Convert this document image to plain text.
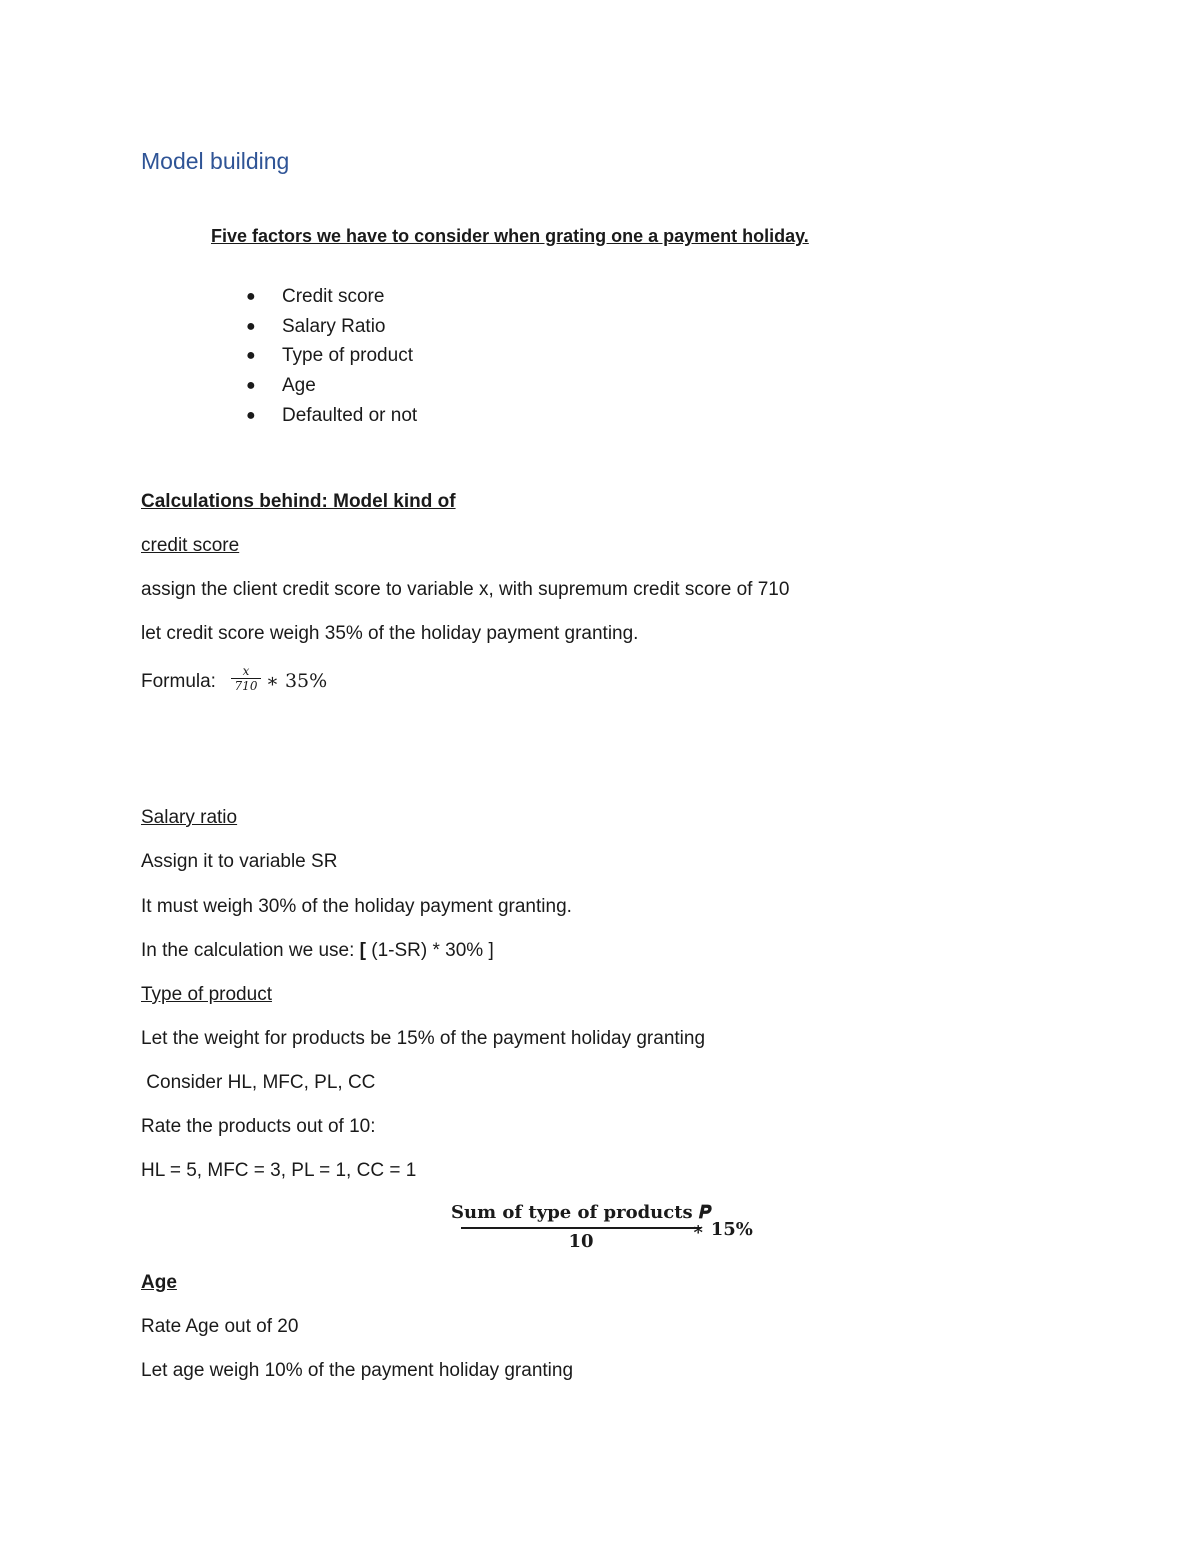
Model building
Five factors we have to consider when grating one a payment holiday.
●	Credit score
●	Salary Ratio
●	Type of product
●	Age
●	Defaulted or not
Calculations behind: Model kind of
credit score
assign the client credit score to variable x, with supremum credit score of 710
let credit score weigh 35% of the holiday payment granting.
Formula: x
710 ∗ 35%
Salary ratio
Assign it to variable SR
It must weigh 30% of the holiday payment granting.
In the calculation we use: [ (1-SR) * 30% ]
Type of product
Let the weight for products be 15% of the payment holiday granting
Consider HL, MFC, PL, CC
Rate the products out of 10:
HL = 5, MFC = 3, PL = 1, CC = 1
Sum of type of products 𝑷
10
∗ 15%
Age
Rate Age out of 20
Let age weigh 10% of the payment holiday granting
